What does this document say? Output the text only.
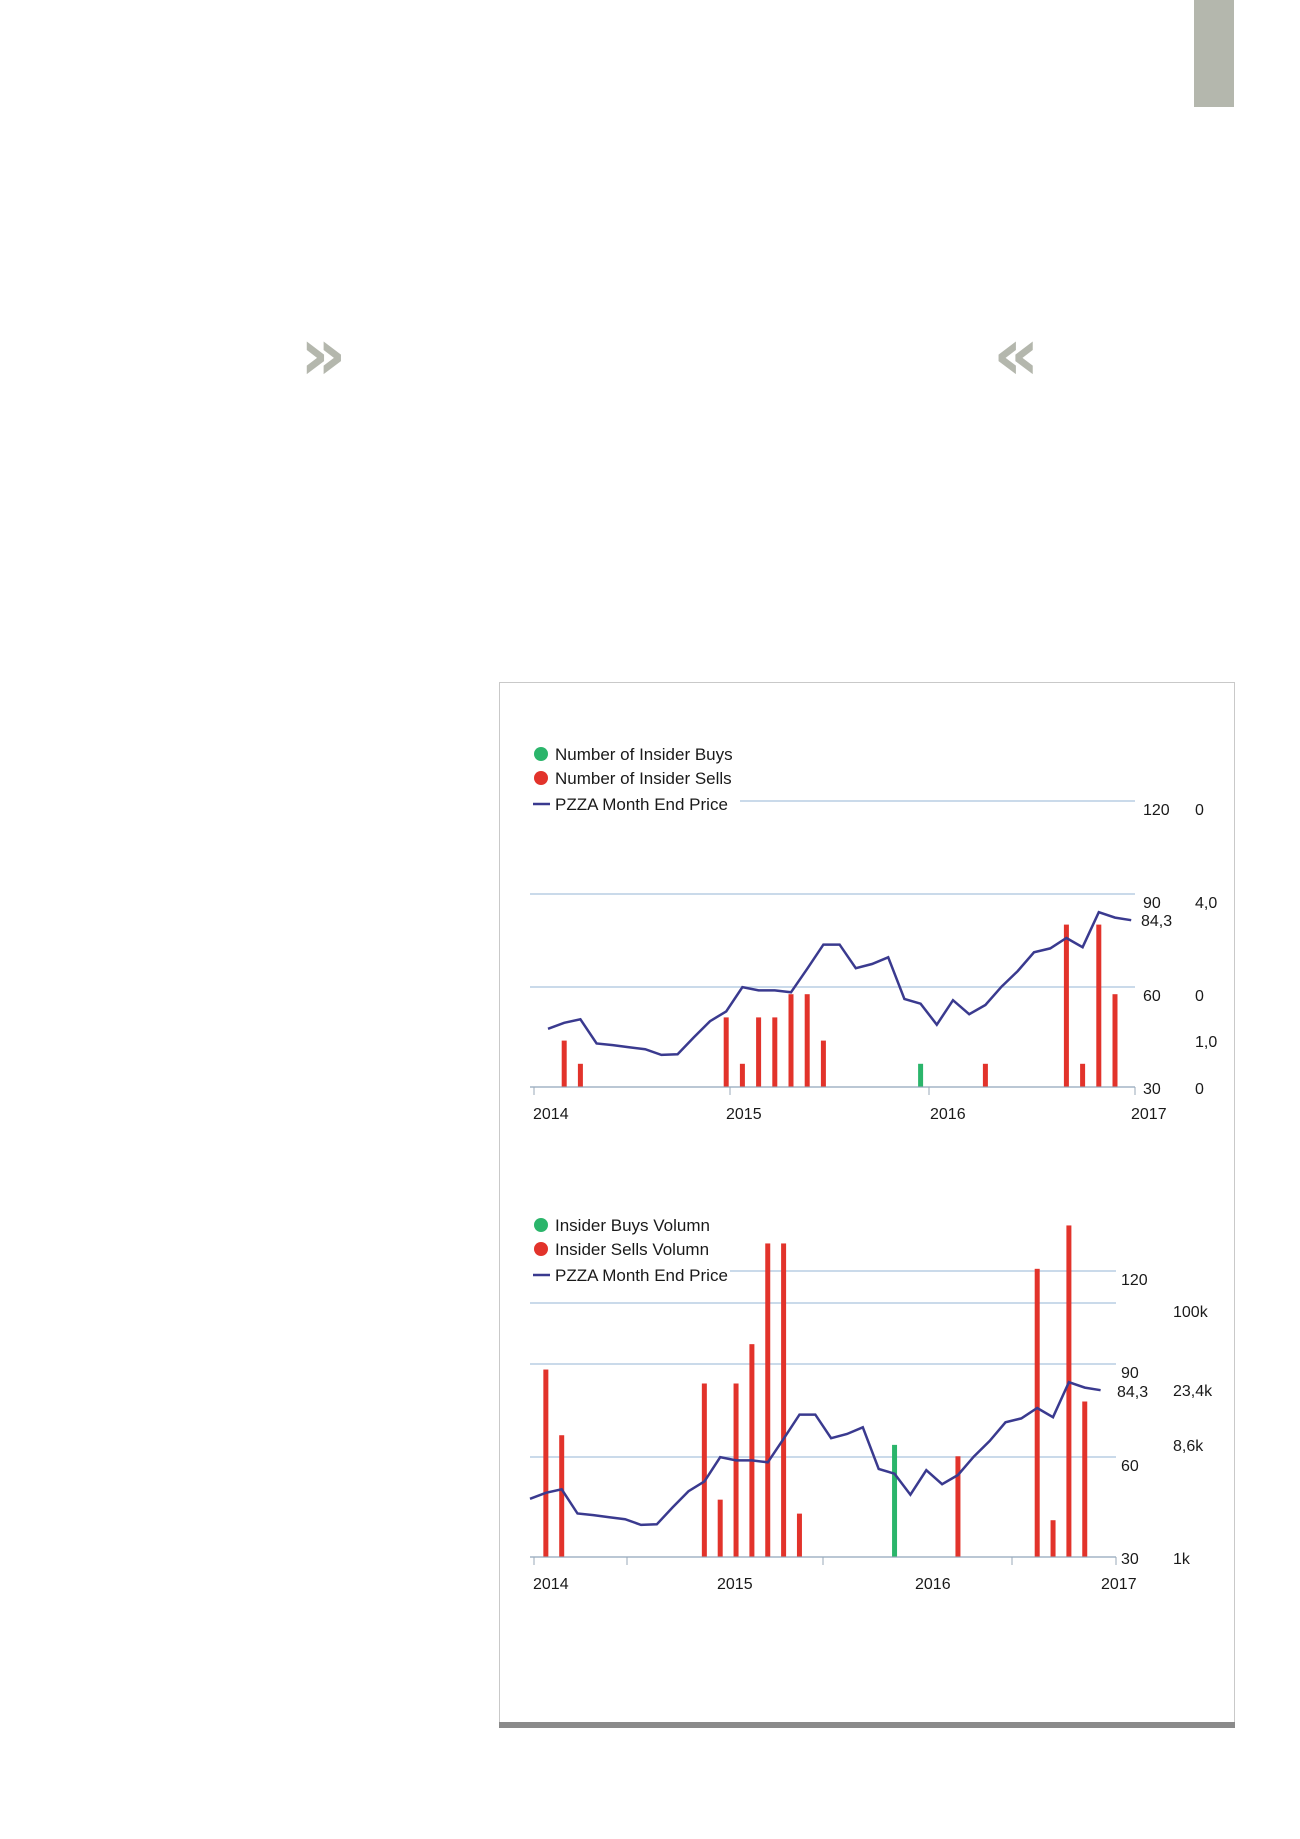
»	«
Number of Insider Buys
Number of Insider Sells
PZZA Month End Price	120
90
84,3
60
30
0
4,0
0
1,0
0
2014	2015	2016	2017
Insider Buys Volumn
Insider Sells Volumn
PZZA Month End Price	120
90
84,3
60
30
100k
23,4k
8,6k
1k
2014	2015	2016	2017
